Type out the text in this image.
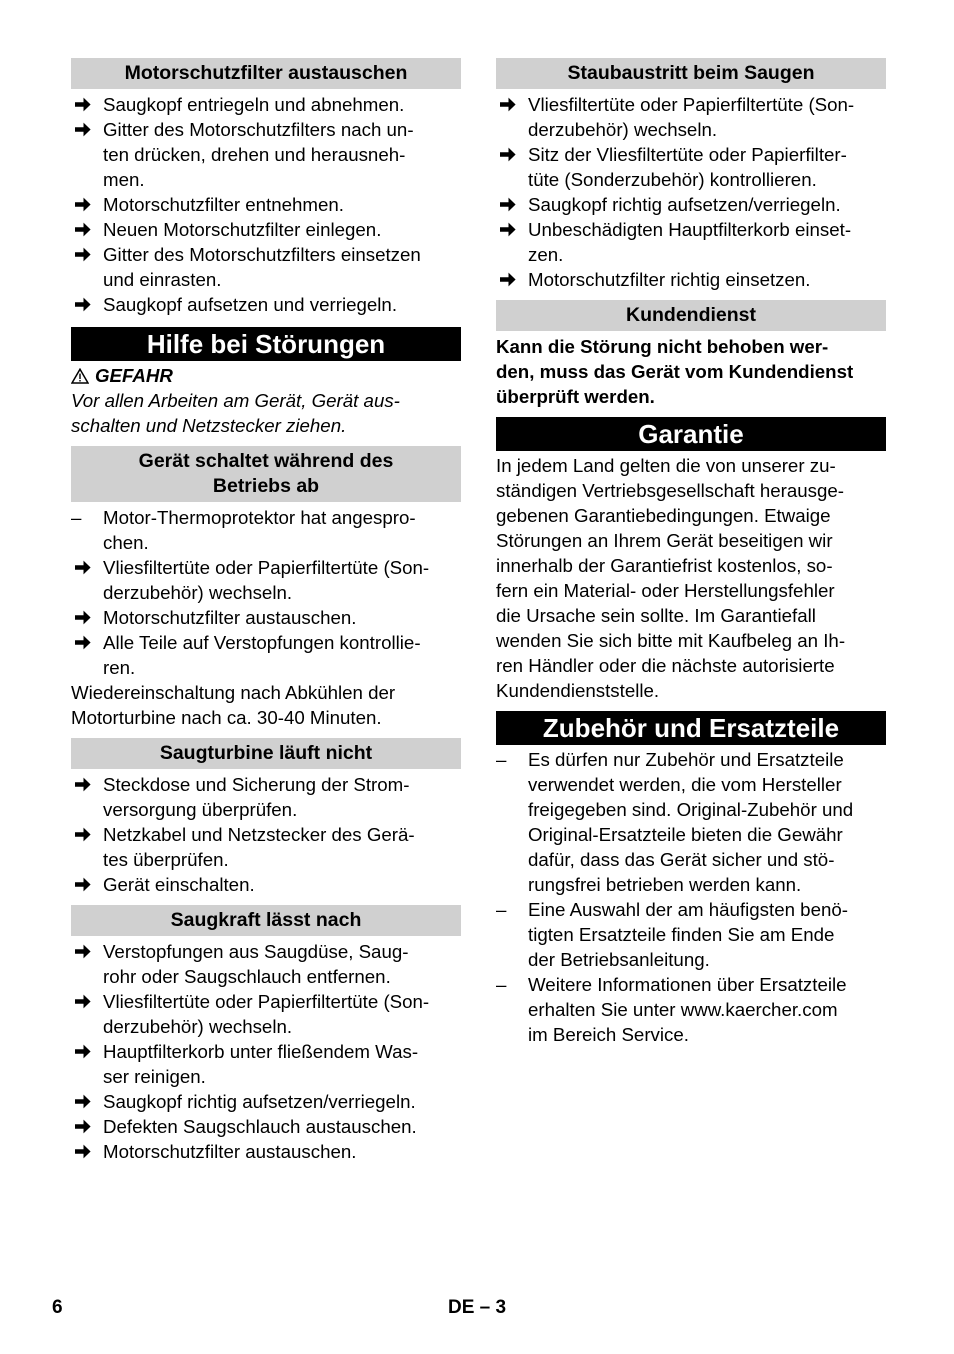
Motorschutzfilter austauschen
Saugkopf entriegeln und abnehmen.
Gitter des Motorschutzfilters nach un-
ten drücken, drehen und herausneh-
men.
Motorschutzfilter entnehmen.
Neuen Motorschutzfilter einlegen.
Gitter des Motorschutzfilters einsetzen
und einrasten.
Saugkopf aufsetzen und verriegeln.
Hilfe bei Störungen
GEFAHR
Vor allen Arbeiten am Gerät, Gerät aus-
schalten und Netzstecker ziehen.
Gerät schaltet während des
Betriebs ab
–	Motor-Thermoprotektor hat angespro-
chen.
Vliesfiltertüte oder Papierfiltertüte (Son-
derzubehör) wechseln.
Motorschutzfilter austauschen.
Alle Teile auf Verstopfungen kontrollie-
ren.
Wiedereinschaltung nach Abkühlen der
Motorturbine nach ca. 30-40 Minuten.
Saugturbine läuft nicht
Steckdose und Sicherung der Strom-
versorgung überprüfen.
Netzkabel und Netzstecker des Gerä-
tes überprüfen.
Gerät einschalten.
Saugkraft lässt nach
Verstopfungen aus Saugdüse, Saug-
rohr oder Saugschlauch entfernen.
Vliesfiltertüte oder Papierfiltertüte (Son-
derzubehör) wechseln.
Hauptfilterkorb unter fließendem Was-
ser reinigen.
Saugkopf richtig aufsetzen/verriegeln.
Defekten Saugschlauch austauschen.
Motorschutzfilter austauschen.
Staubaustritt beim Saugen
Vliesfiltertüte oder Papierfiltertüte (Son-
derzubehör) wechseln.
Sitz der Vliesfiltertüte oder Papierfilter-
tüte (Sonderzubehör) kontrollieren.
Saugkopf richtig aufsetzen/verriegeln.
Unbeschädigten Hauptfilterkorb einset-
zen.
Motorschutzfilter richtig einsetzen.
Kundendienst
Kann die Störung nicht behoben wer-
den, muss das Gerät vom Kundendienst
überprüft werden.
Garantie
In jedem Land gelten die von unserer zu-
ständigen Vertriebsgesellschaft herausge-
gebenen Garantiebedingungen. Etwaige
Störungen an Ihrem Gerät beseitigen wir
innerhalb der Garantiefrist kostenlos, so-
fern ein Material- oder Herstellungsfehler
die Ursache sein sollte. Im Garantiefall
wenden Sie sich bitte mit Kaufbeleg an Ih-
ren Händler oder die nächste autorisierte
Kundendienststelle.
Zubehör und Ersatzteile
–	Es dürfen nur Zubehör und Ersatzteile
verwendet werden, die vom Hersteller
freigegeben sind. Original-Zubehör und
Original-Ersatzteile bieten die Gewähr
dafür, dass das Gerät sicher und stö-
rungsfrei betrieben werden kann.
–	Eine Auswahl der am häufigsten benö-
tigten Ersatzteile finden Sie am Ende
der Betriebsanleitung.
–	Weitere Informationen über Ersatzteile
erhalten Sie unter www.kaercher.com
im Bereich Service.
6	DE – 3
